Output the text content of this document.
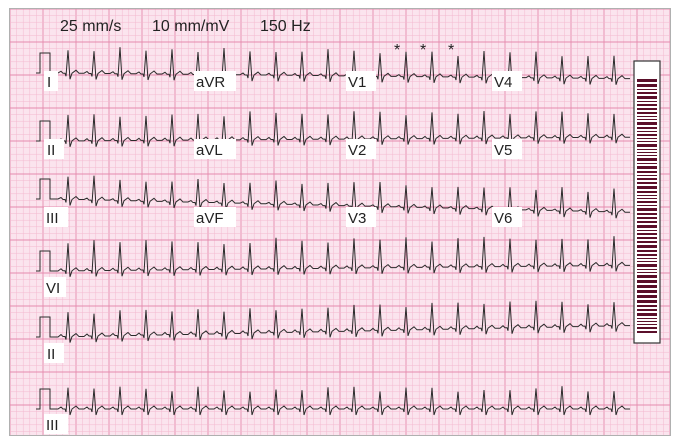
25 mm/s 10 mm/mV 150 Hz
I	aVR	V1	V4
II	aVL	V2	V5
III	aVF	V3	V6
VI
II
III
* * *
